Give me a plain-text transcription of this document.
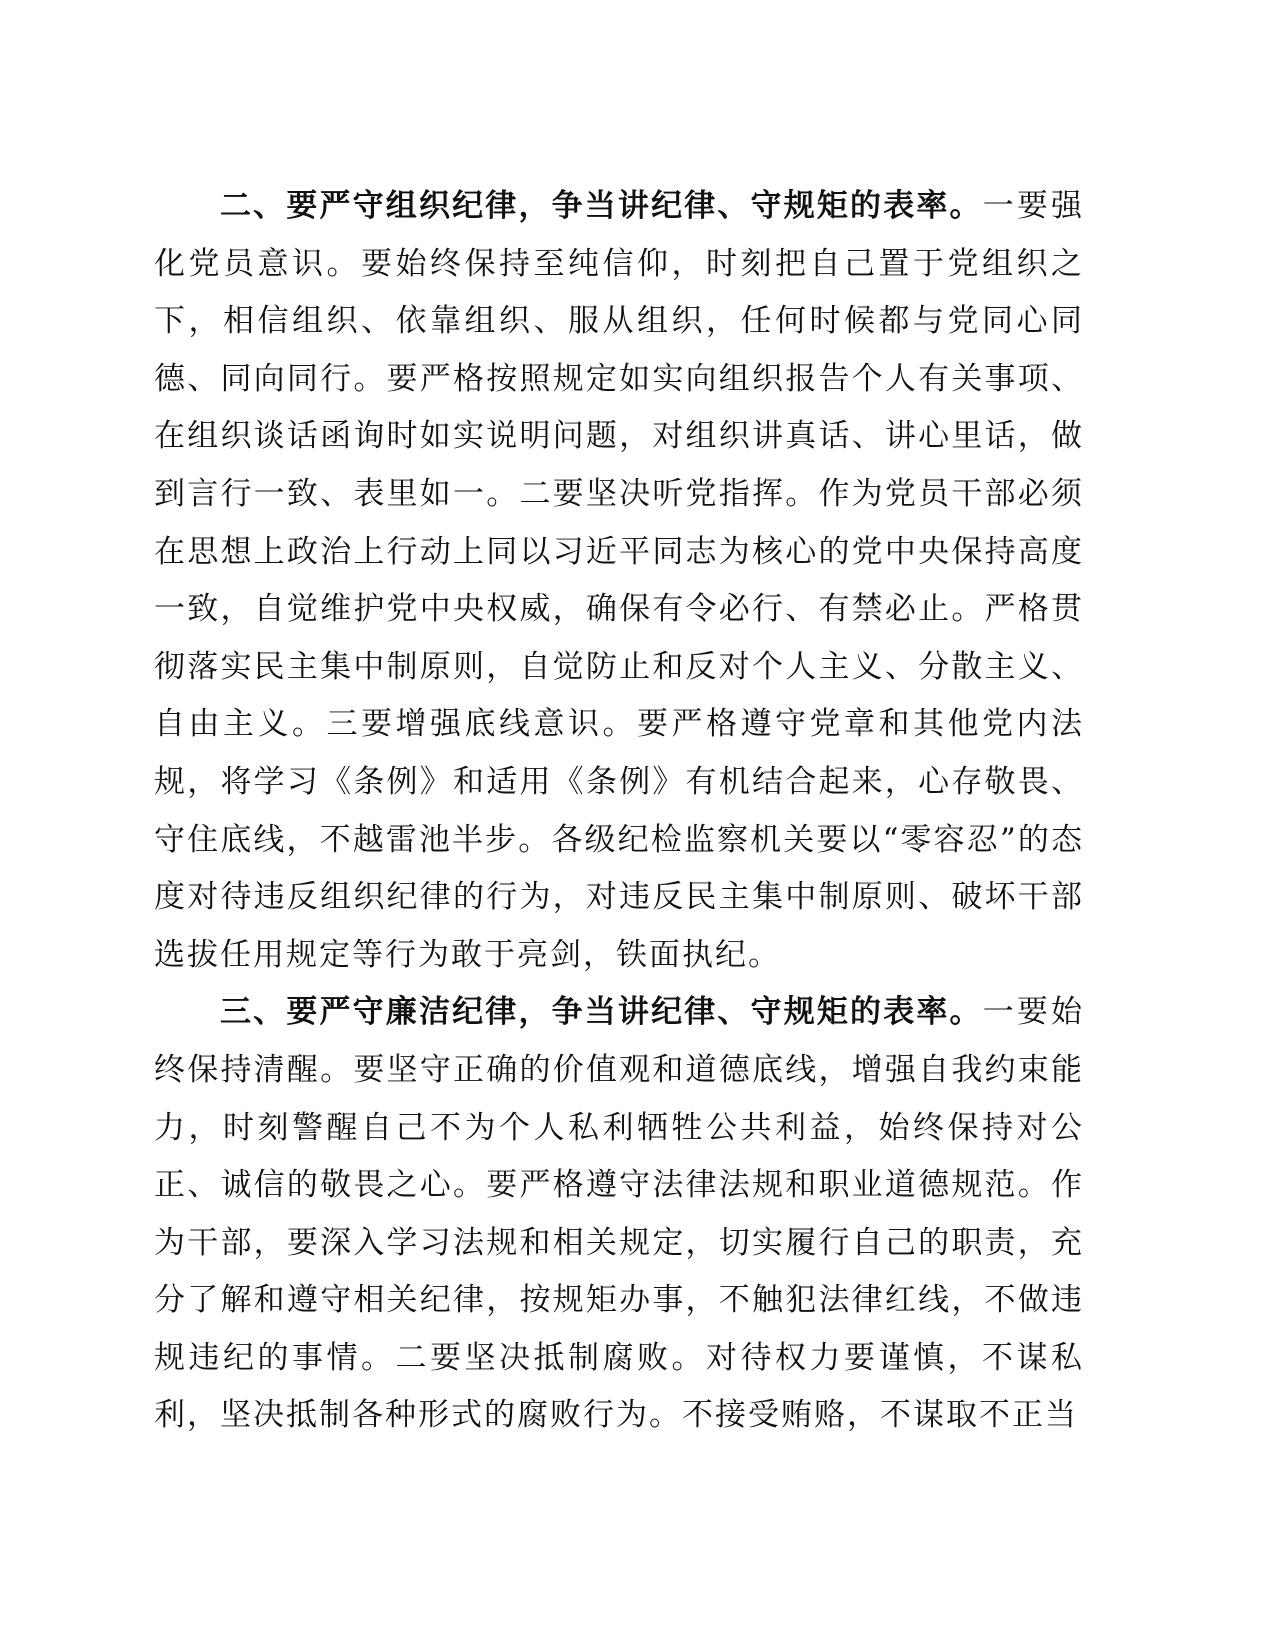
二、要严守组织纪律，争当讲纪律、守规矩的表率。一要强化党员意识。要始终保持至纯信仰，时刻把自己置于党组织之下，相信组织、依靠组织、服从组织，任何时候都与党同心同德、同向同行。要严格按照规定如实向组织报告个人有关事项、在组织谈话函询时如实说明问题，对组织讲真话、讲心里话，做到言行一致、表里如一。二要坚决听党指挥。作为党员干部必须在思想上政治上行动上同以习近平同志为核心的党中央保持高度一致，自觉维护党中央权威，确保有令必行、有禁必止。严格贯彻落实民主集中制原则，自觉防止和反对个人主义、分散主义、自由主义。三要增强底线意识。要严格遵守党章和其他党内法规，将学习《条例》和适用《条例》有机结合起来，心存敬畏、守住底线，不越雷池半步。各级纪检监察机关要以“零容忍”的态度对待违反组织纪律的行为，对违反民主集中制原则、破坏干部选拔任用规定等行为敢于亮剑，铁面执纪。

三、要严守廉洁纪律，争当讲纪律、守规矩的表率。一要始终保持清醒。要坚守正确的价值观和道德底线，增强自我约束能力，时刻警醒自己不为个人私利牺牲公共利益，始终保持对公正、诚信的敬畏之心。要严格遵守法律法规和职业道德规范。作为干部，要深入学习法规和相关规定，切实履行自己的职责，充分了解和遵守相关纪律，按规矩办事，不触犯法律红线，不做违规违纪的事情。二要坚决抵制腐败。对待权力要谨慎，不谋私利，坚决抵制各种形式的腐败行为。不接受贿赂，不谋取不正当
